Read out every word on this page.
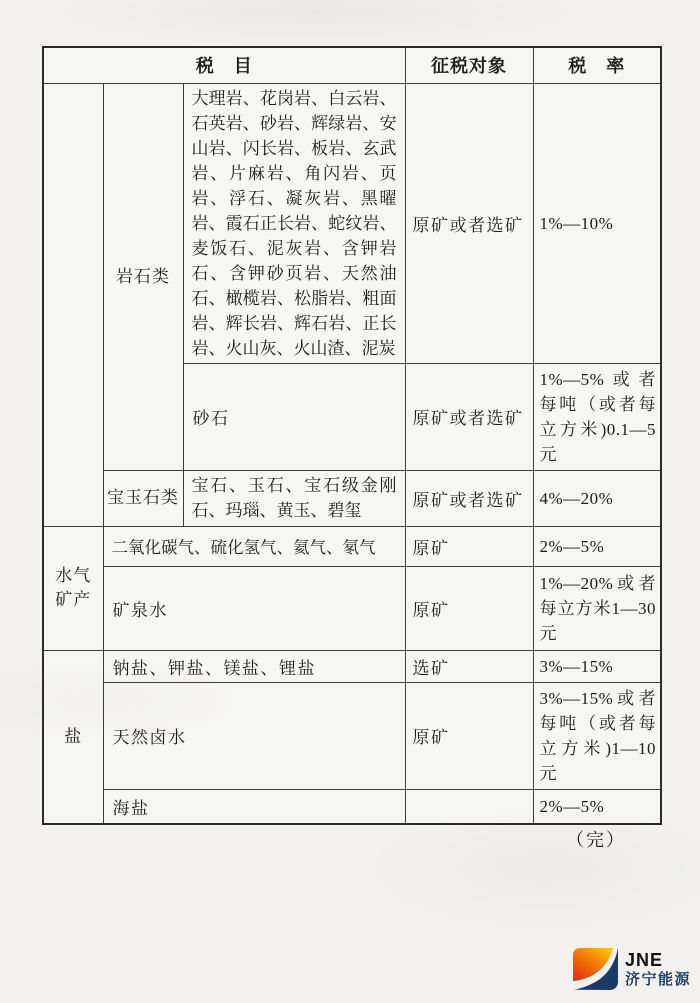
税　目			征税对象	税　率
	岩石类	大理岩、花岗岩、白云岩、石英岩、砂岩、辉绿岩、安山岩、闪长岩、板岩、玄武岩、片麻岩、角闪岩、页岩、浮石、凝灰岩、黑曜岩、霞石正长岩、蛇纹岩、麦饭石、泥灰岩、含钾岩石、含钾砂页岩、天然油石、橄榄岩、松脂岩、粗面岩、辉长岩、辉石岩、正长岩、火山灰、火山渣、泥炭	原矿或者选矿	1%—10%
		砂石	原矿或者选矿	1%—5%或者每吨（或者每立方米)0.1—5元
	宝玉石类	宝石、玉石、宝石级金刚石、玛瑙、黄玉、碧玺	原矿或者选矿	4%—20%
水气矿产	二氧化碳气、硫化氢气、氦气、氡气		原矿	2%—5%
	矿泉水		原矿	1%—20%或者每立方米1—30元
盐	钠盐、钾盐、镁盐、锂盐		选矿	3%—15%
	天然卤水		原矿	3%—15%或者每吨（或者每立方米)1—10元
	海盐			2%—5%
（完）
JNE
济宁能源
